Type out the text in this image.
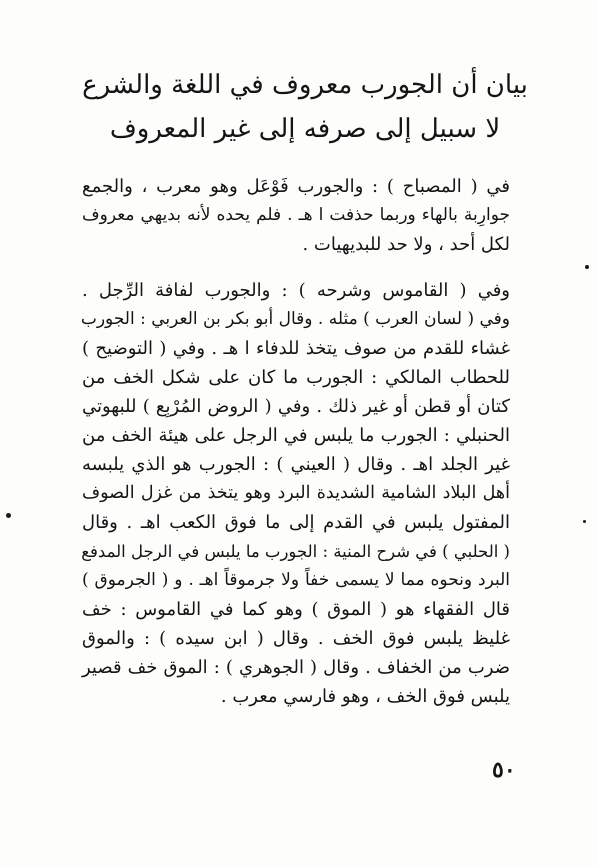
بيان أن الجورب معروف في اللغة والشرع
لا سبيل إلى صرفه إلى غير المعروف
في ( المصباح ) : والجورب فَوْعَل وهو معرب ، والجمع
جوارِبة بالهاء وربما حذفت ا هـ . فلم يحده لأنه بديهي معروف
لكل أحد ، ولا حد للبديهيات .
وفي ( القاموس وشرحه ) : والجورب لفافة الرِّجل .
وفي ( لسان العرب ) مثله . وقال أبو بكر بن العربي : الجورب
غشاء للقدم من صوف يتخذ للدفاء ا هـ . وفي ( التوضيح )
للحطاب المالكي : الجورب ما كان على شكل الخف من
كتان أو قطن أو غير ذلك . وفي ( الروض المُرْبِع ) للبهوتي
الحنبلي : الجورب ما يلبس في الرجل على هيئة الخف من
غير الجلد اهـ . وقال ( العيني ) : الجورب هو الذي يلبسه
أهل البلاد الشامية الشديدة البرد وهو يتخذ من غزل الصوف
المفتول يلبس في القدم إلى ما فوق الكعب اهـ . وقال
( الحلبي ) في شرح المنية : الجورب ما يلبس في الرجل المدفع
البرد ونحوه مما لا يسمى خفاً ولا جرموقاً اهـ . و ( الجرموق )
قال الفقهاء هو ( الموق ) وهو كما في القاموس : خف
غليظ يلبس فوق الخف . وقال ( ابن سيده ) : والموق
ضرب من الخفاف . وقال ( الجوهري ) : الموق خف قصير
يلبس فوق الخف ، وهو فارسي معرب .
٥٠
